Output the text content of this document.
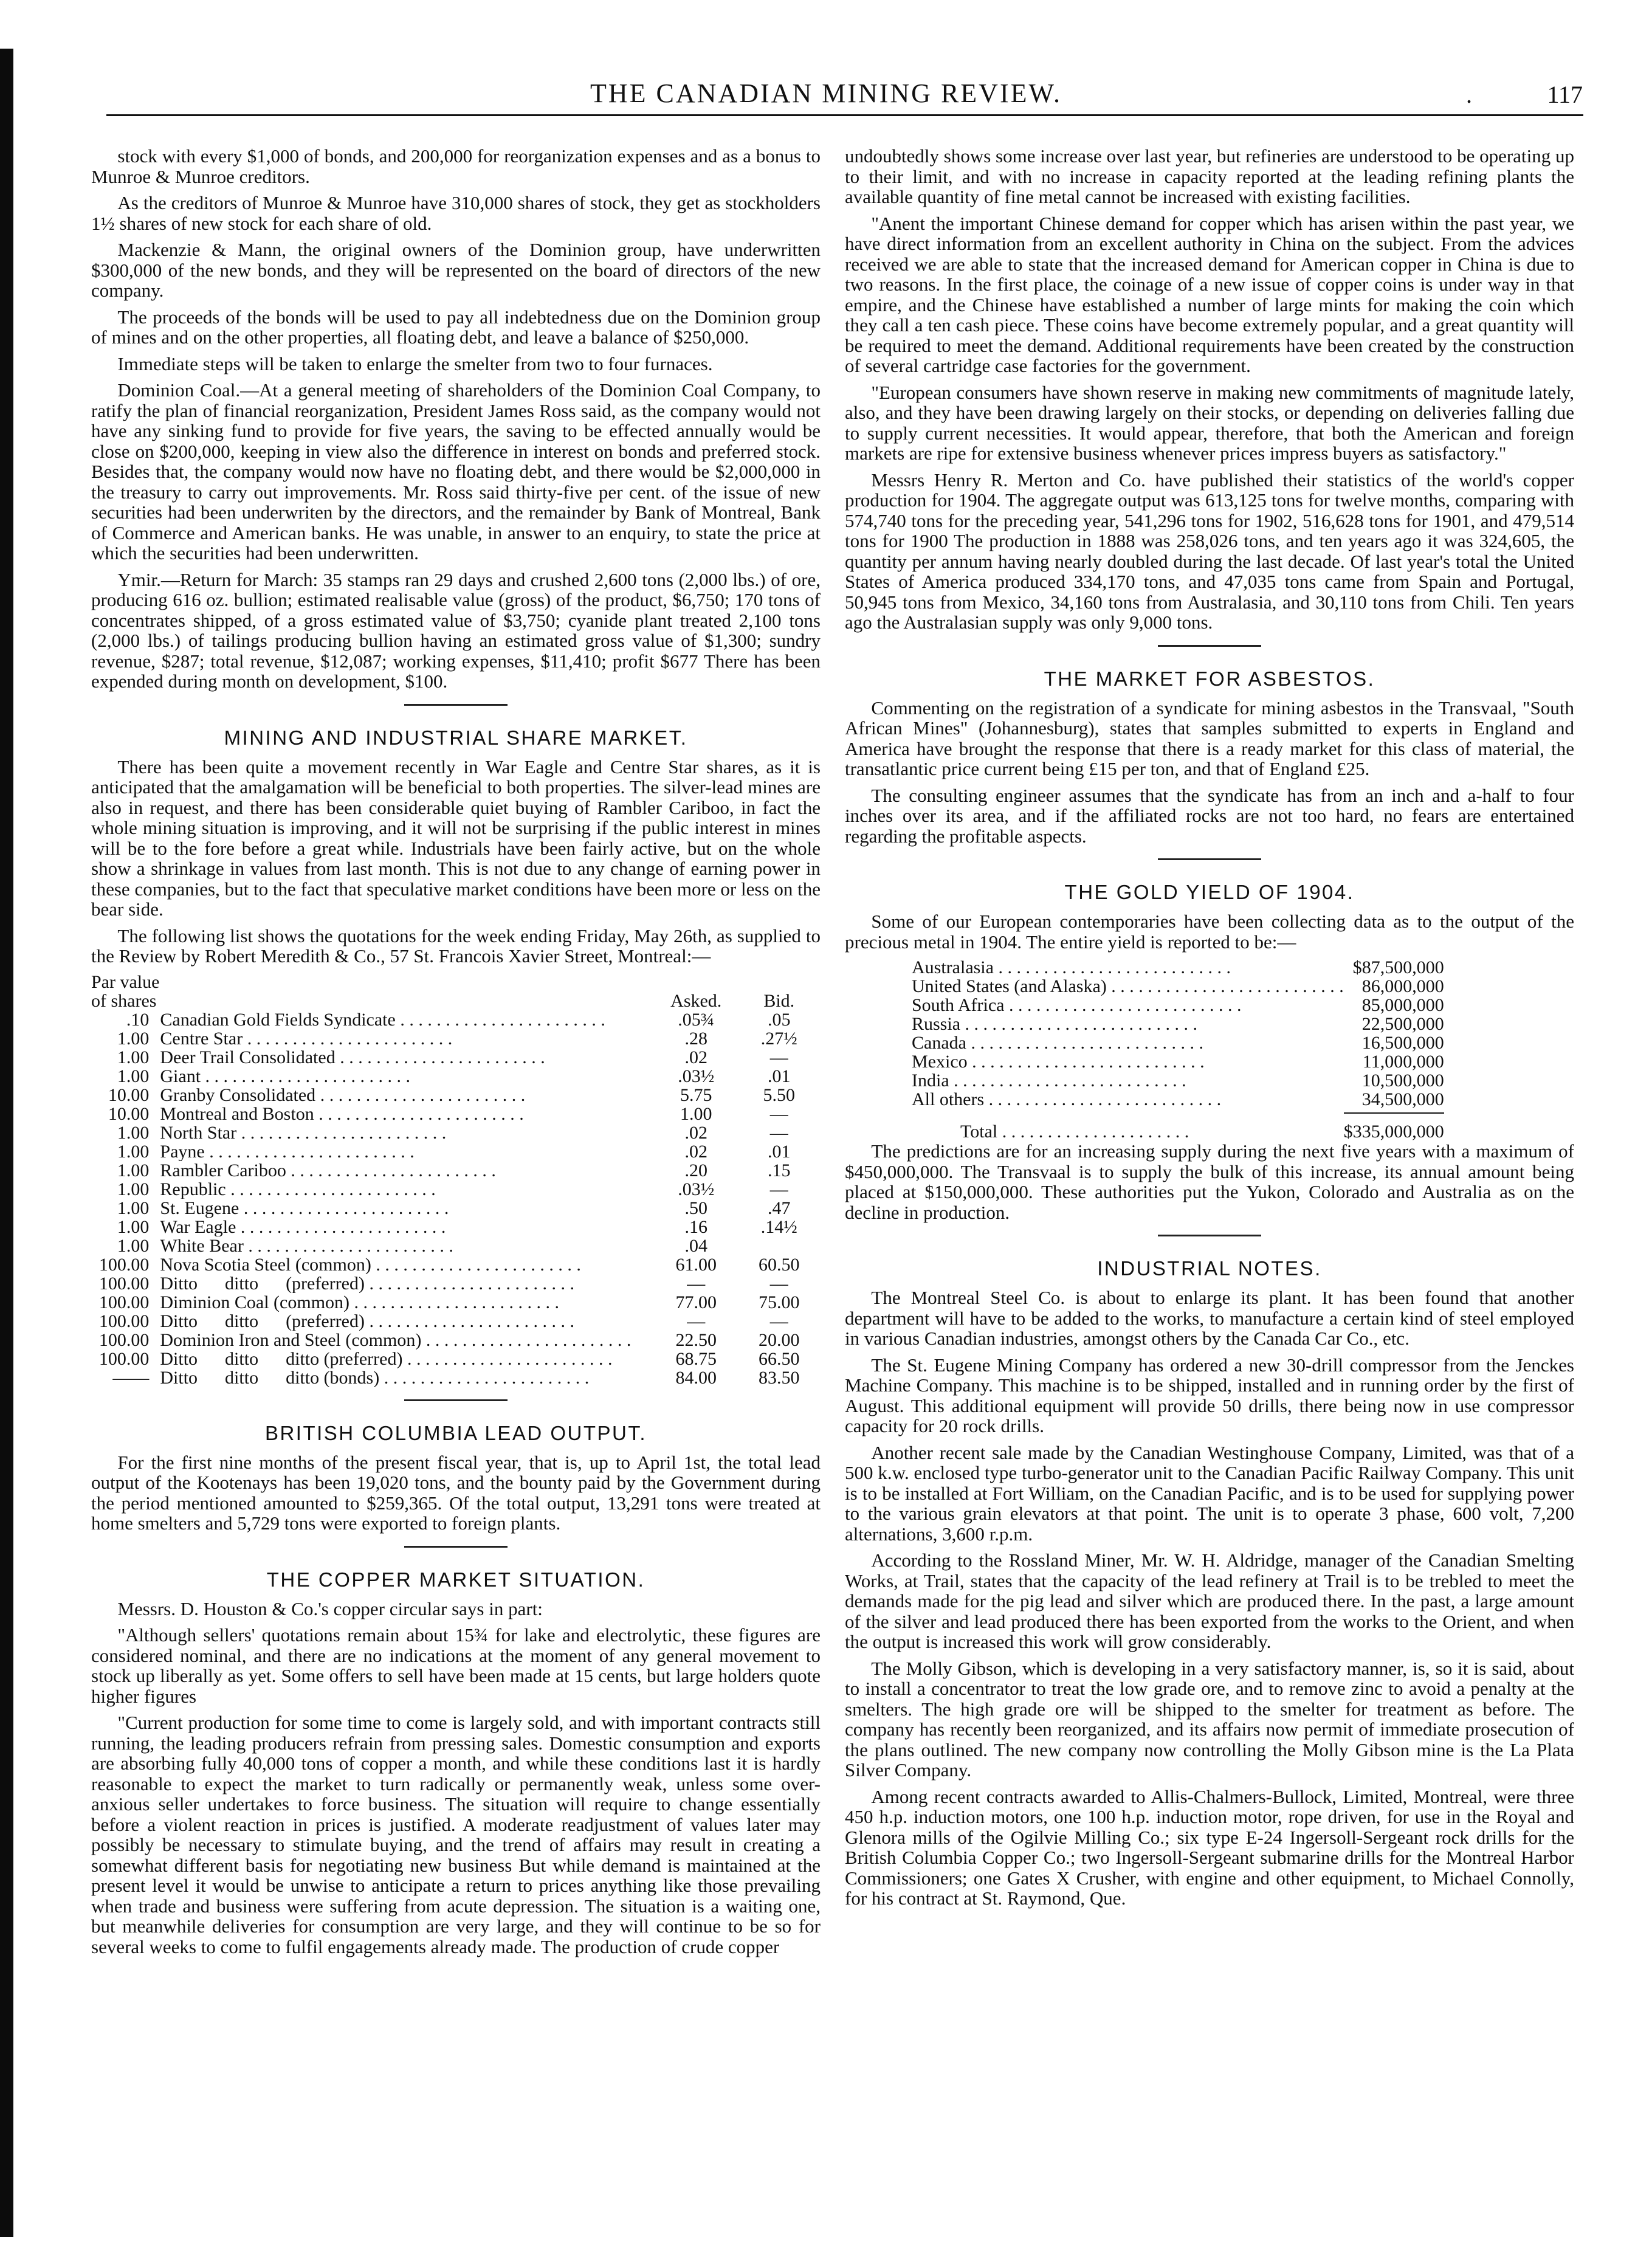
THE CANADIAN MINING REVIEW.	.	117

stock with every $1,000 of bonds, and 200,000 for reorganization expenses and as a bonus to Munroe & Munroe creditors.

As the creditors of Munroe & Munroe have 310,000 shares of stock, they get as stockholders 1½ shares of new stock for each share of old.

Mackenzie & Mann, the original owners of the Dominion group, have underwritten $300,000 of the new bonds, and they will be represented on the board of directors of the new company.

The proceeds of the bonds will be used to pay all indebtedness due on the Dominion group of mines and on the other properties, all floating debt, and leave a balance of $250,000.

Immediate steps will be taken to enlarge the smelter from two to four furnaces.

Dominion Coal.—At a general meeting of shareholders of the Dominion Coal Company, to ratify the plan of financial reorganization, President James Ross said, as the company would not have any sinking fund to provide for five years, the saving to be effected annually would be close on $200,000, keeping in view also the difference in interest on bonds and preferred stock. Besides that, the company would now have no floating debt, and there would be $2,000,000 in the treasury to carry out improvements. Mr. Ross said thirty-five per cent. of the issue of new securities had been underwriten by the directors, and the remainder by Bank of Montreal, Bank of Commerce and American banks. He was unable, in answer to an enquiry, to state the price at which the securities had been underwritten.

Ymir.—Return for March: 35 stamps ran 29 days and crushed 2,600 tons (2,000 lbs.) of ore, producing 616 oz. bullion; estimated realisable value (gross) of the product, $6,750; 170 tons of concentrates shipped, of a gross estimated value of $3,750; cyanide plant treated 2,100 tons (2,000 lbs.) of tailings producing bullion having an estimated gross value of $1,300; sundry revenue, $287; total revenue, $12,087; working expenses, $11,410; profit $677 There has been expended during month on development, $100.

MINING AND INDUSTRIAL SHARE MARKET.

There has been quite a movement recently in War Eagle and Centre Star shares, as it is anticipated that the amalgamation will be beneficial to both properties. The silver-lead mines are also in request, and there has been considerable quiet buying of Rambler Cariboo, in fact the whole mining situation is improving, and it will not be surprising if the public interest in mines will be to the fore before a great while. Industrials have been fairly active, but on the whole show a shrinkage in values from last month. This is not due to any change of earning power in these companies, but to the fact that speculative market conditions have been more or less on the bear side.

The following list shows the quotations for the week ending Friday, May 26th, as supplied to the Review by Robert Meredith & Co., 57 St. Francois Xavier Street, Montreal:—

Par value
of shares		Asked.	Bid.
.10	Canadian Gold Fields Syndicate . . . . . . . . . . . . . . . . . . . . . . .	.05¾	.05
1.00	Centre Star . . . . . . . . . . . . . . . . . . . . . . .	.28	.27½
1.00	Deer Trail Consolidated . . . . . . . . . . . . . . . . . . . . . . .	.02	—
1.00	Giant . . . . . . . . . . . . . . . . . . . . . . .	.03½	.01
10.00	Granby Consolidated . . . . . . . . . . . . . . . . . . . . . . .	5.75	5.50
10.00	Montreal and Boston . . . . . . . . . . . . . . . . . . . . . . .	1.00	—
1.00	North Star . . . . . . . . . . . . . . . . . . . . . . .	.02	—
1.00	Payne . . . . . . . . . . . . . . . . . . . . . . .	.02	.01
1.00	Rambler Cariboo . . . . . . . . . . . . . . . . . . . . . . .	.20	.15
1.00	Republic . . . . . . . . . . . . . . . . . . . . . . .	.03½	—
1.00	St. Eugene . . . . . . . . . . . . . . . . . . . . . . .	.50	.47
1.00	War Eagle . . . . . . . . . . . . . . . . . . . . . . .	.16	.14½
1.00	White Bear . . . . . . . . . . . . . . . . . . . . . . .	.04	
100.00	Nova Scotia Steel (common) . . . . . . . . . . . . . . . . . . . . . . .	61.00	60.50
100.00	Ditto      ditto      (preferred) . . . . . . . . . . . . . . . . . . . . . . .	—	—
100.00	Diminion Coal (common) . . . . . . . . . . . . . . . . . . . . . . .	77.00	75.00
100.00	Ditto      ditto      (preferred) . . . . . . . . . . . . . . . . . . . . . . .	—	—
100.00	Dominion Iron and Steel (common) . . . . . . . . . . . . . . . . . . . . . . .	22.50	20.00
100.00	Ditto      ditto      ditto (preferred) . . . . . . . . . . . . . . . . . . . . . . .	68.75	66.50
——	Ditto      ditto      ditto (bonds) . . . . . . . . . . . . . . . . . . . . . . .	84.00	83.50
BRITISH COLUMBIA LEAD OUTPUT.

For the first nine months of the present fiscal year, that is, up to April 1st, the total lead output of the Kootenays has been 19,020 tons, and the bounty paid by the Government during the period mentioned amounted to $259,365. Of the total output, 13,291 tons were treated at home smelters and 5,729 tons were exported to foreign plants.

THE COPPER MARKET SITUATION.

Messrs. D. Houston & Co.'s copper circular says in part:

"Although sellers' quotations remain about 15¾ for lake and electrolytic, these figures are considered nominal, and there are no indications at the moment of any general movement to stock up liberally as yet. Some offers to sell have been made at 15 cents, but large holders quote higher figures

"Current production for some time to come is largely sold, and with important contracts still running, the leading producers refrain from pressing sales. Domestic consumption and exports are absorbing fully 40,000 tons of copper a month, and while these conditions last it is hardly reasonable to expect the market to turn radically or permanently weak, unless some over-anxious seller undertakes to force business. The situation will require to change essentially before a violent reaction in prices is justified. A moderate readjustment of values later may possibly be necessary to stimulate buying, and the trend of affairs may result in creating a somewhat different basis for negotiating new business But while demand is maintained at the present level it would be unwise to anticipate a return to prices anything like those prevailing when trade and business were suffering from acute depression. The situation is a waiting one, but meanwhile deliveries for consumption are very large, and they will continue to be so for several weeks to come to fulfil engagements already made. The production of crude copper

undoubtedly shows some increase over last year, but refineries are understood to be operating up to their limit, and with no increase in capacity reported at the leading refining plants the available quantity of fine metal cannot be increased with existing facilities.

"Anent the important Chinese demand for copper which has arisen within the past year, we have direct information from an excellent authority in China on the subject. From the advices received we are able to state that the increased demand for American copper in China is due to two reasons. In the first place, the coinage of a new issue of copper coins is under way in that empire, and the Chinese have established a number of large mints for making the coin which they call a ten cash piece. These coins have become extremely popular, and a great quantity will be required to meet the demand. Additional requirements have been created by the construction of several cartridge case factories for the government.

"European consumers have shown reserve in making new commitments of magnitude lately, also, and they have been drawing largely on their stocks, or depending on deliveries falling due to supply current necessities. It would appear, therefore, that both the American and foreign markets are ripe for extensive business whenever prices impress buyers as satisfactory."

Messrs Henry R. Merton and Co. have published their statistics of the world's copper production for 1904. The aggregate output was 613,125 tons for twelve months, comparing with 574,740 tons for the preceding year, 541,296 tons for 1902, 516,628 tons for 1901, and 479,514 tons for 1900 The production in 1888 was 258,026 tons, and ten years ago it was 324,605, the quantity per annum having nearly doubled during the last decade. Of last year's total the United States of America produced 334,170 tons, and 47,035 tons came from Spain and Portugal, 50,945 tons from Mexico, 34,160 tons from Australasia, and 30,110 tons from Chili. Ten years ago the Australasian supply was only 9,000 tons.

THE MARKET FOR ASBESTOS.

Commenting on the registration of a syndicate for mining asbestos in the Transvaal, "South African Mines" (Johannesburg), states that samples submitted to experts in England and America have brought the response that there is a ready market for this class of material, the transatlantic price current being £15 per ton, and that of England £25.

The consulting engineer assumes that the syndicate has from an inch and a-half to four inches over its area, and if the affiliated rocks are not too hard, no fears are entertained regarding the profitable aspects.

THE GOLD YIELD OF 1904.

Some of our European contemporaries have been collecting data as to the output of the precious metal in 1904. The entire yield is reported to be:—

Australasia . . . . . . . . . . . . . . . . . . . . . . . . . .	$87,500,000
United States (and Alaska) . . . . . . . . . . . . . . . . . . . . . . . . . .	86,000,000
South Africa . . . . . . . . . . . . . . . . . . . . . . . . . .	85,000,000
Russia . . . . . . . . . . . . . . . . . . . . . . . . . .	22,500,000
Canada . . . . . . . . . . . . . . . . . . . . . . . . . .	16,500,000
Mexico . . . . . . . . . . . . . . . . . . . . . . . . . .	11,000,000
India . . . . . . . . . . . . . . . . . . . . . . . . . .	10,500,000
All others . . . . . . . . . . . . . . . . . . . . . . . . . .	34,500,000

Total . . . . . . . . . . . . . . . . . . . . .	$335,000,000

The predictions are for an increasing supply during the next five years with a maximum of $450,000,000. The Transvaal is to supply the bulk of this increase, its annual amount being placed at $150,000,000. These authorities put the Yukon, Colorado and Australia as on the decline in production.

INDUSTRIAL NOTES.

The Montreal Steel Co. is about to enlarge its plant. It has been found that another department will have to be added to the works, to manufacture a certain kind of steel employed in various Canadian industries, amongst others by the Canada Car Co., etc.

The St. Eugene Mining Company has ordered a new 30-drill compressor from the Jenckes Machine Company. This machine is to be shipped, installed and in running order by the first of August. This additional equipment will provide 50 drills, there being now in use compressor capacity for 20 rock drills.

Another recent sale made by the Canadian Westinghouse Company, Limited, was that of a 500 k.w. enclosed type turbo-generator unit to the Canadian Pacific Railway Company. This unit is to be installed at Fort William, on the Canadian Pacific, and is to be used for supplying power to the various grain elevators at that point. The unit is to operate 3 phase, 600 volt, 7,200 alternations, 3,600 r.p.m.

According to the Rossland Miner, Mr. W. H. Aldridge, manager of the Canadian Smelting Works, at Trail, states that the capacity of the lead refinery at Trail is to be trebled to meet the demands made for the pig lead and silver which are produced there. In the past, a large amount of the silver and lead produced there has been exported from the works to the Orient, and when the output is increased this work will grow considerably.

The Molly Gibson, which is developing in a very satisfactory manner, is, so it is said, about to install a concentrator to treat the low grade ore, and to remove zinc to avoid a penalty at the smelters. The high grade ore will be shipped to the smelter for treatment as before. The company has recently been reorganized, and its affairs now permit of immediate prosecution of the plans outlined. The new company now controlling the Molly Gibson mine is the La Plata Silver Company.

Among recent contracts awarded to Allis-Chalmers-Bullock, Limited, Montreal, were three 450 h.p. induction motors, one 100 h.p. induction motor, rope driven, for use in the Royal and Glenora mills of the Ogilvie Milling Co.; six type E-24 Ingersoll-Sergeant rock drills for the British Columbia Copper Co.; two Ingersoll-Sergeant submarine drills for the Montreal Harbor Commissioners; one Gates X Crusher, with engine and other equipment, to Michael Connolly, for his contract at St. Raymond, Que.
